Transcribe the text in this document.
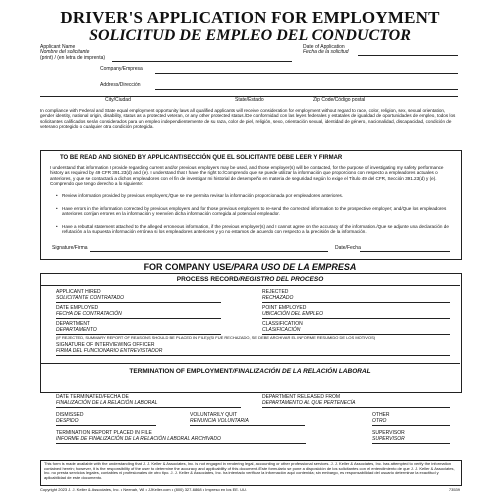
DRIVER'S APPLICATION FOR EMPLOYMENT
SOLICITUD DE EMPLEO DEL CONDUCTOR
Applicant Name
Nombre del solicitante
(print) / (en letra de imprenta)
Date of Application
Fecha de la solicitud
Company/Empresa
Address/Dirección
City/Ciudad	State/Estado	Zip Code/Código postal
In compliance with Federal and State equal employment opportunity laws all qualified applicants will receive consideration for employment without regard to race, color, religion, sex, sexual orientation, gender identity, national origin, disability, status as a protected veteran, or any other protected status./De conformidad con las leyes federales y estatales de igualdad de oportunidades de empleo, todos los solicitantes calificados serán considerados para un empleo independientemente de su raza, color de piel, religión, sexo, orientación sexual, identidad de género, nacionalidad, discapacidad, condición de veterano protegido o cualquier otra condición protegida.
TO BE READ AND SIGNED BY APPLICANT/SECCIÓN QUE EL SOLICITANTE DEBE LEER Y FIRMAR
I understand that information I provide regarding current and/or previous employers may be used, and those employer(s) will be contacted, for the purpose of investigating my safety performance history as required by 49 CFR 391.23(d) and (e). I understand that I have the right to:/Comprendo que se puede utilizar la información que proporciono con respecto a empleadores actuales o anteriores, y que se contactará a dichos empleadores con el fin de investigar mi historial de desempeño en materia de seguridad según lo exige el Título 49 del CFR, Sección 391.23(d) y (e). Comprendo que tengo derecho a lo siguiente:
• Review information provided by previous employers;/Que se me permita revisar la información proporcionada por empleadores anteriores.
• Have errors in the information corrected by previous employers and for those previous employers to re-send the corrected information to the prospective employer; and/Que los empleadores anteriores corrijan errores en la información y reenvíen dicha información corregida al potencial empleador.
• Have a rebuttal statement attached to the alleged erroneous information, if the previous employer(s) and I cannot agree on the accuracy of the information./Que se adjunte una declaración de refutación a la supuesta información errónea si los empleadores anteriores y yo no estamos de acuerdo con respecto a la precisión de la información.
Signature/Firma	Date/Fecha
FOR COMPANY USE/PARA USO DE LA EMPRESA
PROCESS RECORD/REGISTRO DEL PROCESO
APPLICANT HIRED
SOLICITANTE CONTRATADO
REJECTED
RECHAZADO
DATE EMPLOYED
FECHA DE CONTRATACIÓN
POINT EMPLOYED
UBICACIÓN DEL EMPLEO
DEPARTMENT
DEPARTAMENTO
CLASSIFICATION
CLASIFICACIÓN
(IF REJECTED, SUMMARY REPORT OF REASONS SHOULD BE PLACED IN FILE)/(SI FUE RECHAZADO, SE DEBE ARCHIVAR EL INFORME RESUMIDO DE LOS MOTIVOS)
SIGNATURE OF INTERVIEWING OFFICER
FIRMA DEL FUNCIONARIO ENTREVISTADOR
TERMINATION OF EMPLOYMENT/FINALIZACIÓN DE LA RELACIÓN LABORAL
DATE TERMINATED/FECHA DE
FINALIZACIÓN DE LA RELACIÓN LABORAL
DEPARTMENT RELEASED FROM
DEPARTAMENTO AL QUE PERTENECÍA
DISMISSED
DESPIDO
VOLUNTARILY QUIT
RENUNCIA VOLUNTARIA
OTHER
OTRO
TERMINATION REPORT PLACED IN FILE
INFORME DE FINALIZACIÓN DE LA RELACIÓN LABORAL ARCHIVADO
SUPERVISOR
SUPERVISOR
This form is made available with the understanding that J. J. Keller & Associates, Inc. is not engaged in rendering legal, accounting or other professional services. J. J. Keller & Associates, Inc. has attempted to verify the information contained herein; however, it is the responsibility of the user to determine the accuracy and applicability of this document./Este formulario se pone a disposición de los solicitantes con el entendimiento de que J. J. Keller & Associates, Inc. no presta servicios legales, contables ni profesionales de otro tipo. J. J. Keller & Associates, Inc. ha intentado verificar la información aquí contenida; sin embargo, es responsabilidad del usuario determinar la exactitud y aplicabilidad de este documento.
Copyright 2023 J. J. Keller & Associates, Inc. • Neenah, WI • JJKeller.com • (800) 327-6868 • Impreso en los EE. UU.	73539
